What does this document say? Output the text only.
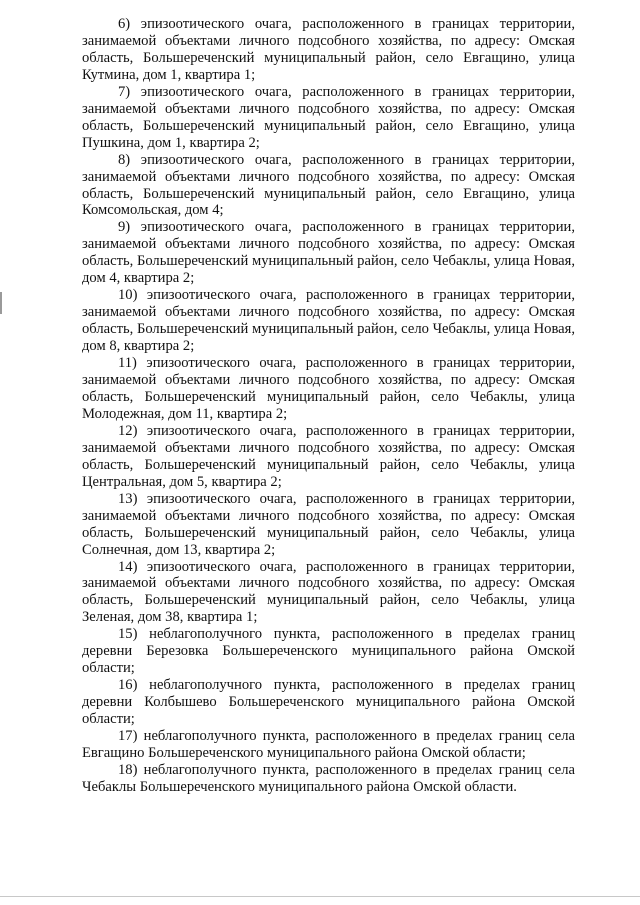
6) эпизоотического очага, расположенного в границах территории, занимаемой объектами личного подсобного хозяйства, по адресу: Омская область, Большереченский муниципальный район, село Евгащино, улица Кутмина, дом 1, квартира 1;

7) эпизоотического очага, расположенного в границах территории, занимаемой объектами личного подсобного хозяйства, по адресу: Омская область, Большереченский муниципальный район, село Евгащино, улица Пушкина, дом 1, квартира 2;

8) эпизоотического очага, расположенного в границах территории, занимаемой объектами личного подсобного хозяйства, по адресу: Омская область, Большереченский муниципальный район, село Евгащино, улица Комсомольская, дом 4;

9) эпизоотического очага, расположенного в границах территории, занимаемой объектами личного подсобного хозяйства, по адресу: Омская область, Большереченский муниципальный район, село Чебаклы, улица Новая, дом 4, квартира 2;

10) эпизоотического очага, расположенного в границах территории, занимаемой объектами личного подсобного хозяйства, по адресу: Омская область, Большереченский муниципальный район, село Чебаклы, улица Новая, дом 8, квартира 2;

11) эпизоотического очага, расположенного в границах территории, занимаемой объектами личного подсобного хозяйства, по адресу: Омская область, Большереченский муниципальный район, село Чебаклы, улица Молодежная, дом 11, квартира 2;

12) эпизоотического очага, расположенного в границах территории, занимаемой объектами личного подсобного хозяйства, по адресу: Омская область, Большереченский муниципальный район, село Чебаклы, улица Центральная, дом 5, квартира 2;

13) эпизоотического очага, расположенного в границах территории, занимаемой объектами личного подсобного хозяйства, по адресу: Омская область, Большереченский муниципальный район, село Чебаклы, улица Солнечная, дом 13, квартира 2;

14) эпизоотического очага, расположенного в границах территории, занимаемой объектами личного подсобного хозяйства, по адресу: Омская область, Большереченский муниципальный район, село Чебаклы, улица Зеленая, дом 38, квартира 1;

15) неблагополучного пункта, расположенного в пределах границ деревни Березовка Большереченского муниципального района Омской области;

16) неблагополучного пункта, расположенного в пределах границ деревни Колбышево Большереченского муниципального района Омской области;

17) неблагополучного пункта, расположенного в пределах границ села Евгащино Большереченского муниципального района Омской области;

18) неблагополучного пункта, расположенного в пределах границ села Чебаклы Большереченского муниципального района Омской области.
